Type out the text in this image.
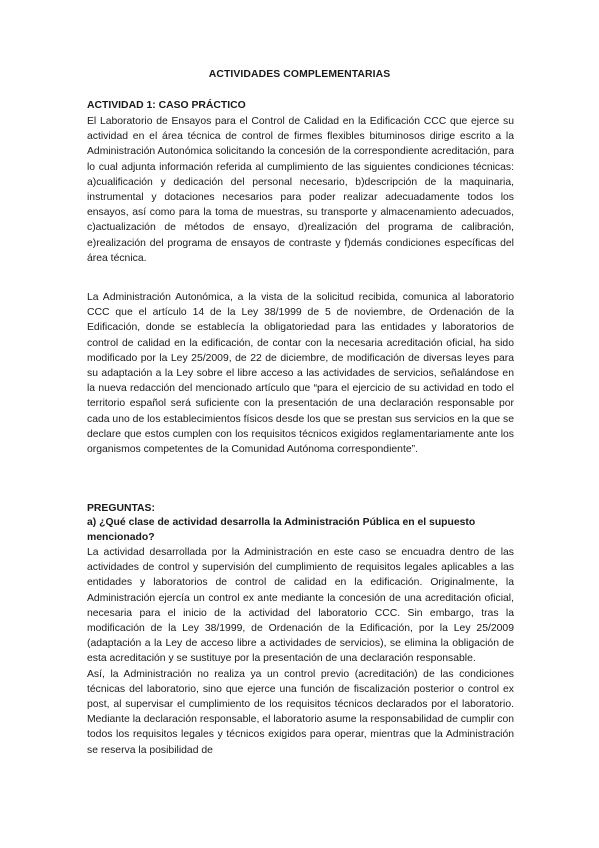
ACTIVIDADES COMPLEMENTARIAS
ACTIVIDAD 1: CASO PRÁCTICO

El Laboratorio de Ensayos para el Control de Calidad en la Edificación CCC que ejerce su actividad en el área técnica de control de firmes flexibles bituminosos dirige escrito a la Administración Autonómica solicitando la concesión de la correspondiente acreditación, para lo cual adjunta información referida al cumplimiento de las siguientes condiciones técnicas: a)cualificación y dedicación del personal necesario, b)descripción de la maquinaria, instrumental y dotaciones necesarios para poder realizar adecuadamente todos los ensayos, así como para la toma de muestras, su transporte y almacenamiento adecuados, c)actualización de métodos de ensayo, d)realización del programa de calibración, e)realización del programa de ensayos de contraste y f)demás condiciones específicas del área técnica.

La Administración Autonómica, a la vista de la solicitud recibida, comunica al laboratorio CCC que el artículo 14 de la Ley 38/1999 de 5 de noviembre, de Ordenación de la Edificación, donde se establecía la obligatoriedad para las entidades y laboratorios de control de calidad en la edificación, de contar con la necesaria acreditación oficial, ha sido modificado por la Ley 25/2009, de 22 de diciembre, de modificación de diversas leyes para su adaptación a la Ley sobre el libre acceso a las actividades de servicios, señalándose en la nueva redacción del mencionado artículo que “para el ejercicio de su actividad en todo el territorio español será suficiente con la presentación de una declaración responsable por cada uno de los establecimientos físicos desde los que se prestan sus servicios en la que se declare que estos cumplen con los requisitos técnicos exigidos reglamentariamente ante los organismos competentes de la Comunidad Autónoma correspondiente”.

PREGUNTAS:
a) ¿Qué clase de actividad desarrolla la Administración Pública en el supuesto mencionado?

La actividad desarrollada por la Administración en este caso se encuadra dentro de las actividades de control y supervisión del cumplimiento de requisitos legales aplicables a las entidades y laboratorios de control de calidad en la edificación. Originalmente, la Administración ejercía un control ex ante mediante la concesión de una acreditación oficial, necesaria para el inicio de la actividad del laboratorio CCC. Sin embargo, tras la modificación de la Ley 38/1999, de Ordenación de la Edificación, por la Ley 25/2009 (adaptación a la Ley de acceso libre a actividades de servicios), se elimina la obligación de esta acreditación y se sustituye por la presentación de una declaración responsable.

Así, la Administración no realiza ya un control previo (acreditación) de las condiciones técnicas del laboratorio, sino que ejerce una función de fiscalización posterior o control ex post, al supervisar el cumplimiento de los requisitos técnicos declarados por el laboratorio. Mediante la declaración responsable, el laboratorio asume la responsabilidad de cumplir con todos los requisitos legales y técnicos exigidos para operar, mientras que la Administración se reserva la posibilidad de
